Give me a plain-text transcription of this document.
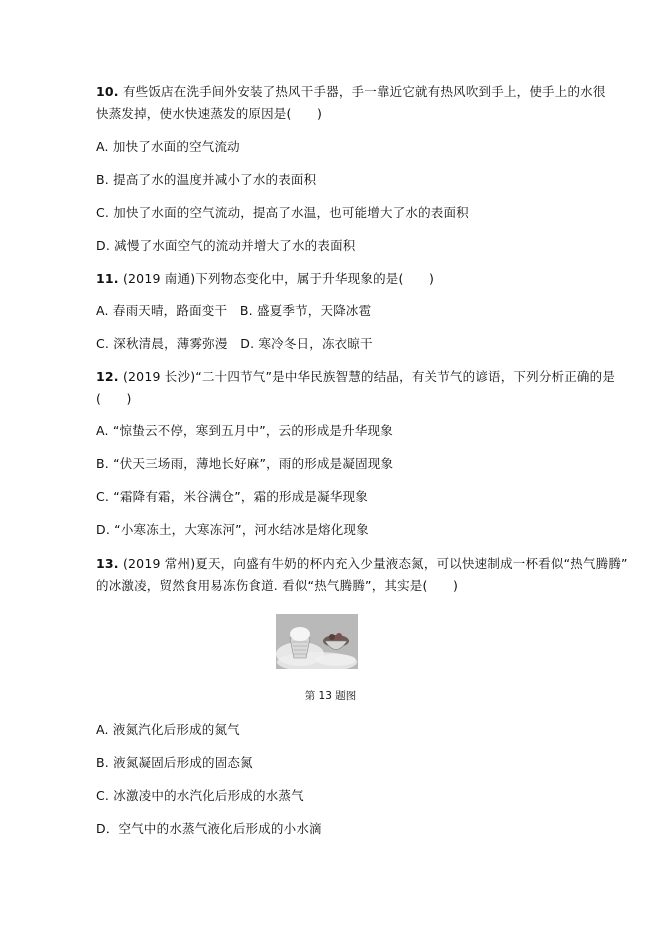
10. 有些饭店在洗手间外安装了热风干手器，手一靠近它就有热风吹到手上，使手上的水很
快蒸发掉，使水快速蒸发的原因是(　　)
A. 加快了水面的空气流动
B. 提高了水的温度并减小了水的表面积
C. 加快了水面的空气流动，提高了水温，也可能增大了水的表面积
D. 减慢了水面空气的流动并增大了水的表面积
11. (2019 南通)下列物态变化中，属于升华现象的是(　　)
A. 春雨天晴，路面变干　B. 盛夏季节，天降冰雹
C. 深秋清晨，薄雾弥漫　D. 寒冷冬日，冻衣晾干
12. (2019 长沙)“二十四节气”是中华民族智慧的结晶，有关节气的谚语，下列分析正确的是
(　　)
A. “惊蛰云不停，寒到五月中”，云的形成是升华现象
B. “伏天三场雨，薄地长好麻”，雨的形成是凝固现象
C. “霜降有霜，米谷满仓”，霜的形成是凝华现象
D. “小寒冻土，大寒冻河”，河水结冰是熔化现象
13. (2019 常州)夏天，向盛有牛奶的杯内充入少量液态氮，可以快速制成一杯看似“热气腾腾”
的冰激凌，贸然食用易冻伤食道. 看似“热气腾腾”，其实是(　　)
第 13 题图
A. 液氮汽化后形成的氮气
B. 液氮凝固后形成的固态氮
C. 冰激凌中的水汽化后形成的水蒸气
D．空气中的水蒸气液化后形成的小水滴
